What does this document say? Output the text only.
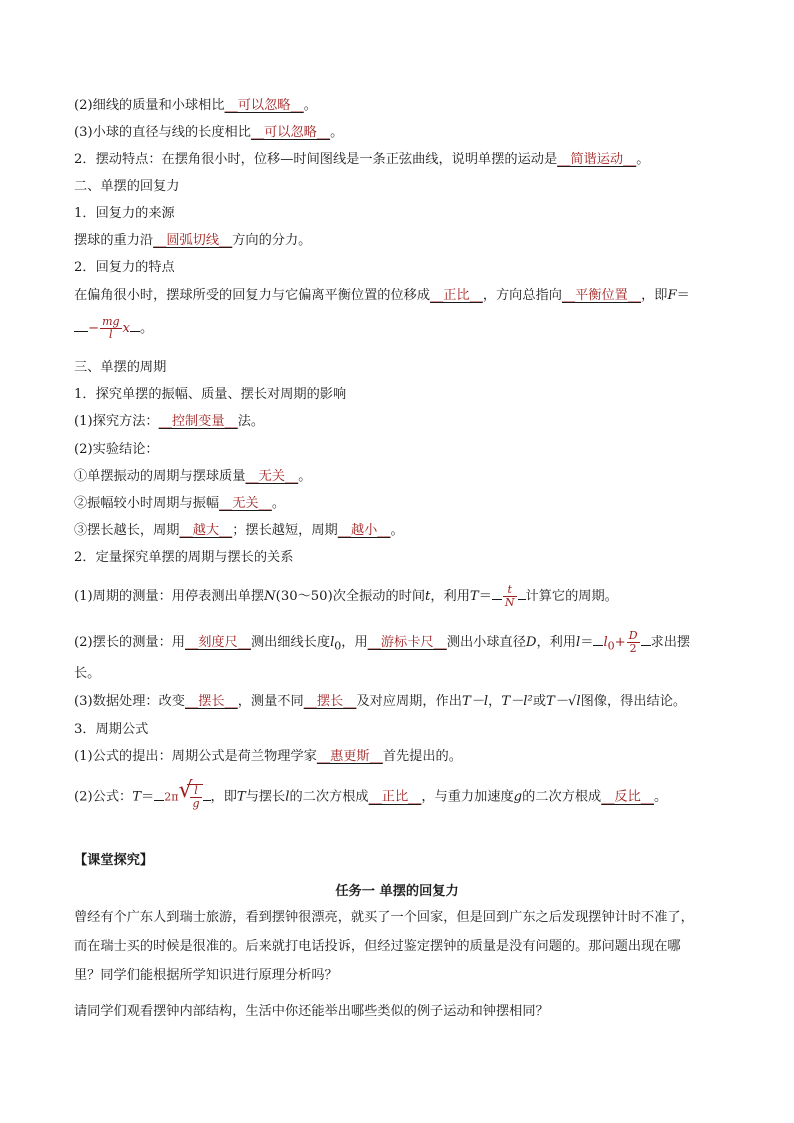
(2)细线的质量和小球相比__可以忽略__。
(3)小球的直径与线的长度相比__可以忽略__。
2．摆动特点：在摆角很小时，位移—时间图线是一条正弦曲线，说明单摆的运动是__简谐运动__。
二、单摆的回复力
1．回复力的来源
摆球的重力沿__圆弧切线__方向的分力。
2．回复力的特点
在偏角很小时，摆球所受的回复力与它偏离平衡位置的位移成__正比__，方向总指向__平衡位置__，即F＝
− $\frac{mg}{l}$ x 。
三、单摆的周期
1．探究单摆的振幅、质量、摆长对周期的影响
(1)探究方法：__控制变量__法。
(2)实验结论：
①单摆振动的周期与摆球质量__无关__。
②振幅较小时周期与振幅__无关__。
③摆长越长，周期__越大__；摆长越短，周期__越小__。
2．定量探究单摆的周期与摆长的关系
(1)周期的测量：用停表测出单摆N(30～50)次全振动的时间t，利用$T= \frac{t}{N}$ 计算它的周期。
(2)摆长的测量：用__刻度尺__测出细线长度$l_0$，用__游标卡尺__测出小球直径D，利用$l= l_0+ \frac{D}{2}$ 求出摆
长。
(3)数据处理：改变__摆长__，测量不同__摆长__及对应周期，作出T－l，T－l²或T－√l图像，得出结论。
3．周期公式
(1)公式的提出：周期公式是荷兰物理学家__惠更斯__首先提出的。
(2)公式：T＝ 2π √
$\frac{l}{g}$ ，即T与摆长l的二次方根成__正比__，与重力加速度g的二次方根成__反比__。
【课堂探究】
任务一 单摆的回复力
曾经有个广东人到瑞士旅游，看到摆钟很漂亮，就买了一个回家，但是回到广东之后发现摆钟计时不准了，
而在瑞士买的时候是很准的。后来就打电话投诉，但经过鉴定摆钟的质量是没有问题的。那问题出现在哪
里？同学们能根据所学知识进行原理分析吗？
请同学们观看摆钟内部结构，生活中你还能举出哪些类似的例子运动和钟摆相同？
